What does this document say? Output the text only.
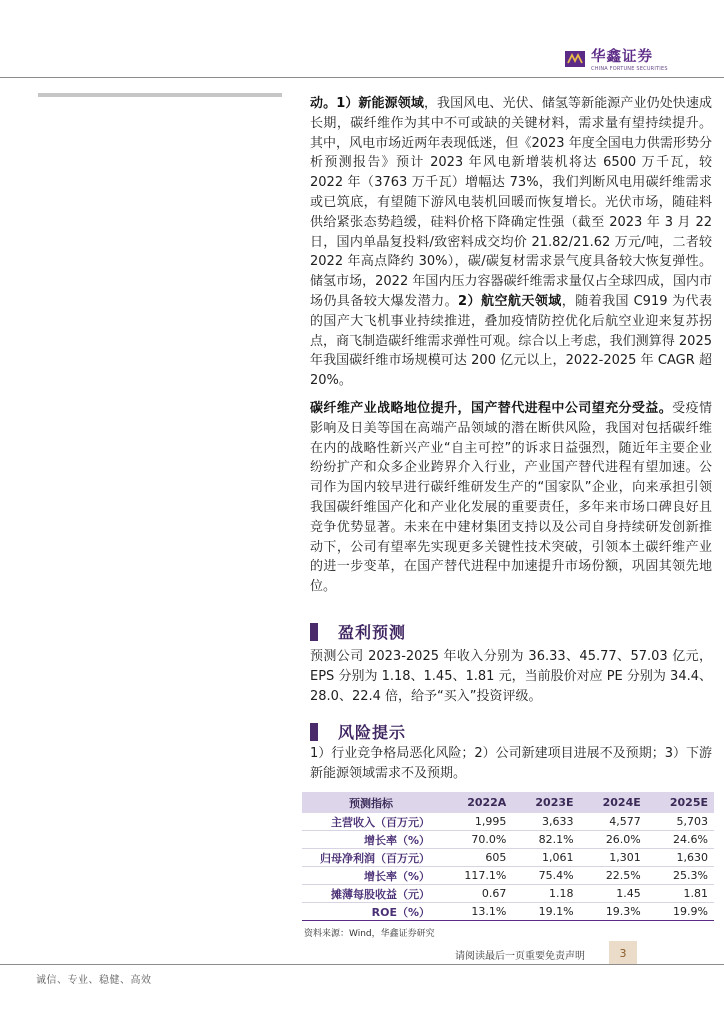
华鑫证券
CHINA FORTUNE SECURITIES

动。1）新能源领域，我国风电、光伏、储氢等新能源产业仍处快速成长期，碳纤维作为其中不可或缺的关键材料，需求量有望持续提升。其中，风电市场近两年表现低迷，但《2023 年度全国电力供需形势分析预测报告》预计 2023 年风电新增装机将达 6500 万千瓦，较 2022 年（3763 万千瓦）增幅达 73%，我们判断风电用碳纤维需求或已筑底，有望随下游风电装机回暖而恢复增长。光伏市场，随硅料供给紧张态势趋缓，硅料价格下降确定性强（截至 2023 年 3 月 22 日，国内单晶复投料/致密料成交均价 21.82/21.62 万元/吨，二者较 2022 年高点降约 30%），碳/碳复材需求景气度具备较大恢复弹性。储氢市场，2022 年国内压力容器碳纤维需求量仅占全球四成，国内市场仍具备较大爆发潜力。2）航空航天领域，随着我国 C919 为代表的国产大飞机事业持续推进，叠加疫情防控优化后航空业迎来复苏拐点，商飞制造碳纤维需求弹性可观。综合以上考虑，我们测算得 2025 年我国碳纤维市场规模可达 200 亿元以上，2022-2025 年 CAGR 超 20%。

碳纤维产业战略地位提升，国产替代进程中公司望充分受益。受疫情影响及日美等国在高端产品领域的潜在断供风险，我国对包括碳纤维在内的战略性新兴产业“自主可控”的诉求日益强烈，随近年主要企业纷纷扩产和众多企业跨界介入行业，产业国产替代进程有望加速。公司作为国内较早进行碳纤维研发生产的“国家队”企业，向来承担引领我国碳纤维国产化和产业化发展的重要责任，多年来市场口碑良好且竞争优势显著。未来在中建材集团支持以及公司自身持续研发创新推动下，公司有望率先实现更多关键性技术突破，引领本土碳纤维产业的进一步变革，在国产替代进程中加速提升市场份额，巩固其领先地位。

盈利预测

预测公司 2023-2025 年收入分别为 36.33、45.77、57.03 亿元，EPS 分别为 1.18、1.45、1.81 元，当前股价对应 PE 分别为 34.4、28.0、22.4 倍，给予“买入”投资评级。

风险提示

1）行业竞争格局恶化风险；2）公司新建项目进展不及预期；3）下游新能源领域需求不及预期。

预测指标	2022A	2023E	2024E	2025E
主营收入（百万元）	1,995	3,633	4,577	5,703
增长率（%）	70.0%	82.1%	26.0%	24.6%
归母净利润（百万元）	605	1,061	1,301	1,630
增长率（%）	117.1%	75.4%	22.5%	25.3%
摊薄每股收益（元）	0.67	1.18	1.45	1.81
ROE（%）	13.1%	19.1%	19.3%	19.9%
资料来源：Wind，华鑫证券研究
请阅读最后一页重要免责声明	3
诚信、专业、稳健、高效
